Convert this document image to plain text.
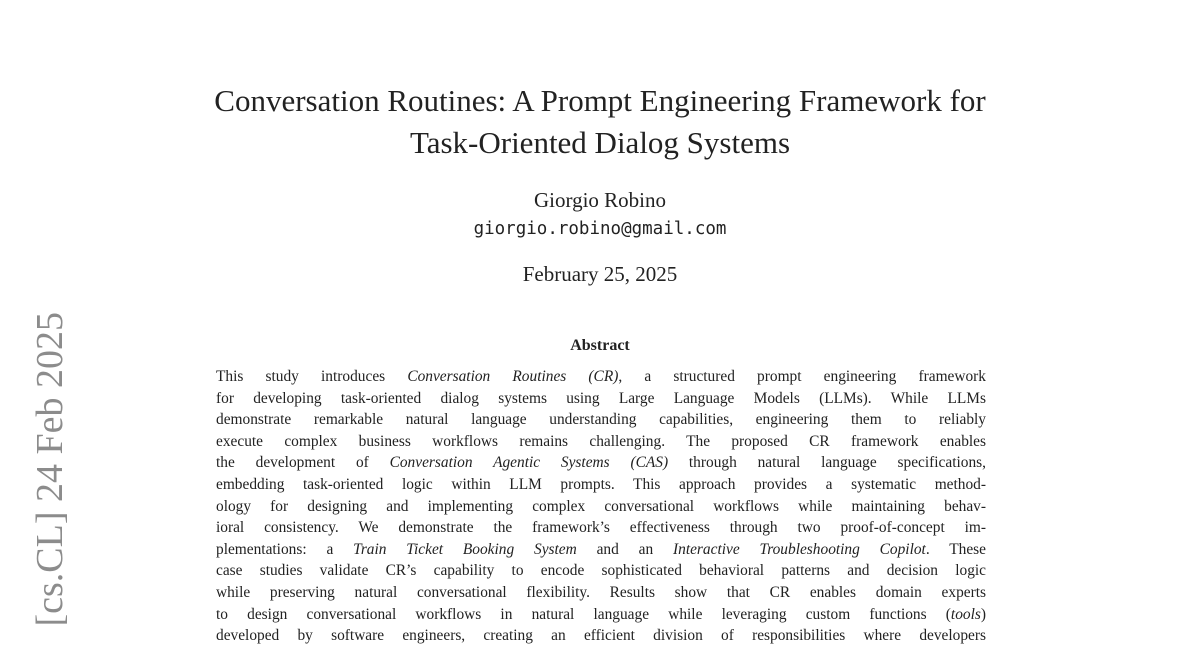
[cs.CL] 24 Feb 2025
Conversation Routines: A Prompt Engineering Framework for
Task-Oriented Dialog Systems
Giorgio Robino
giorgio.robino@gmail.com
February 25, 2025
Abstract
This study introduces Conversation Routines (CR), a structured prompt engineering framework
for developing task-oriented dialog systems using Large Language Models (LLMs). While LLMs
demonstrate remarkable natural language understanding capabilities, engineering them to reliably
execute complex business workflows remains challenging. The proposed CR framework enables
the development of Conversation Agentic Systems (CAS) through natural language specifications,
embedding task-oriented logic within LLM prompts. This approach provides a systematic method-
ology for designing and implementing complex conversational workflows while maintaining behav-
ioral consistency. We demonstrate the framework’s effectiveness through two proof-of-concept im-
plementations: a Train Ticket Booking System and an Interactive Troubleshooting Copilot. These
case studies validate CR’s capability to encode sophisticated behavioral patterns and decision logic
while preserving natural conversational flexibility. Results show that CR enables domain experts
to design conversational workflows in natural language while leveraging custom functions (tools)
developed by software engineers, creating an efficient division of responsibilities where developers
